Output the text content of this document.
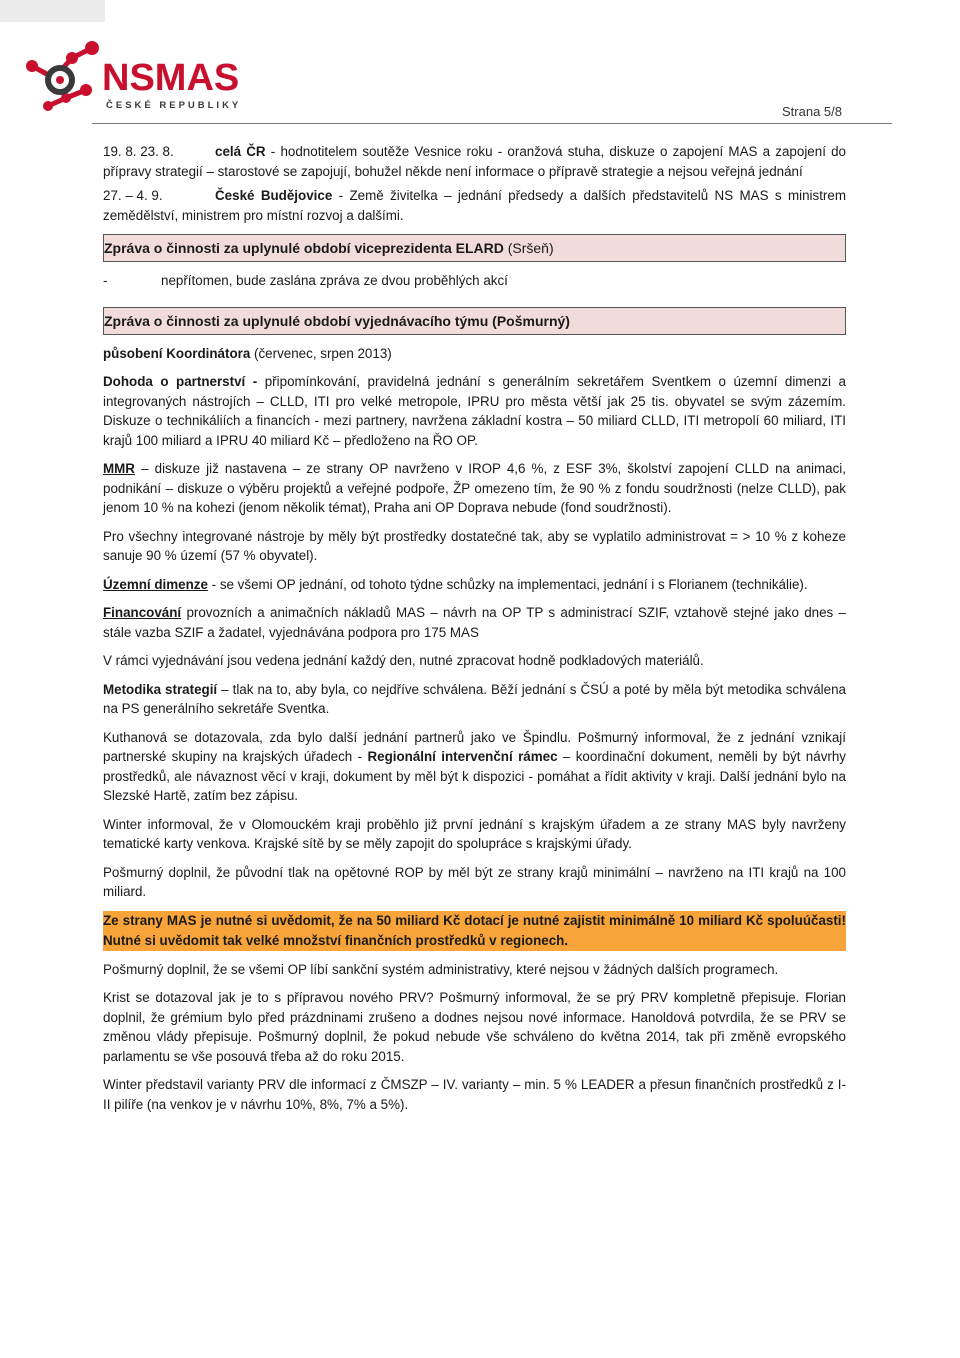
NSMAS
ČESKÉ REPUBLIKY	Strana 5/8

19. 8. 23. 8.	celá ČR - hodnotitelem soutěže Vesnice roku - oranžová stuha, diskuze o zapojení MAS a zapojení do přípravy strategií – starostové se zapojují, bohužel někde není informace o přípravě strategie a nejsou veřejná jednání

27. – 4. 9.	České Budějovice - Země živitelka – jednání předsedy a dalších představitelů NS MAS s ministrem zemědělství, ministrem pro místní rozvoj a dalšími.

Zpráva o činnosti za uplynulé období viceprezidenta ELARD (Sršeň)
-	nepřítomen, bude zaslána zpráva ze dvou proběhlých akcí
Zpráva o činnosti za uplynulé období vyjednávacího týmu (Pošmurný)

působení Koordinátora (červenec, srpen 2013)

Dohoda o partnerství - připomínkování, pravidelná jednání s generálním sekretářem Sventkem o územní dimenzi a integrovaných nástrojích – CLLD, ITI pro velké metropole, IPRU pro města větší jak 25 tis. obyvatel se svým zázemím. Diskuze o technikáliích a financích - mezi partnery, navržena základní kostra – 50 miliard CLLD, ITI metropolí 60 miliard, ITI krajů 100 miliard a IPRU 40 miliard Kč – předloženo na ŘO OP.

MMR – diskuze již nastavena – ze strany OP navrženo v IROP 4,6 %, z ESF 3%, školství zapojení CLLD na animaci, podnikání – diskuze o výběru projektů a veřejné podpoře, ŽP omezeno tím, že 90 % z fondu soudržnosti (nelze CLLD), pak jenom 10 % na kohezi (jenom několik témat), Praha ani OP Doprava nebude (fond soudržnosti).

Pro všechny integrované nástroje by měly být prostředky dostatečné tak, aby se vyplatilo administrovat = > 10 % z koheze sanuje 90 % území (57 % obyvatel).

Územní dimenze - se všemi OP jednání, od tohoto týdne schůzky na implementaci, jednání i s Florianem (technikálie).

Financování provozních a animačních nákladů MAS – návrh na OP TP s administrací SZIF, vztahově stejné jako dnes – stále vazba SZIF a žadatel, vyjednávána podpora pro 175 MAS

V rámci vyjednávání jsou vedena jednání každý den, nutné zpracovat hodně podkladových materiálů.

Metodika strategií – tlak na to, aby byla, co nejdříve schválena. Běží jednání s ČSÚ a poté by měla být metodika schválena na PS generálního sekretáře Sventka.

Kuthanová se dotazovala, zda bylo další jednání partnerů jako ve Špindlu. Pošmurný informoval, že z jednání vznikají partnerské skupiny na krajských úřadech - Regionální intervenční rámec – koordinační dokument, neměli by být návrhy prostředků, ale návaznost věcí v kraji, dokument by měl být k dispozici - pomáhat a řídit aktivity v kraji. Další jednání bylo na Slezské Hartě, zatím bez zápisu.

Winter informoval, že v Olomouckém kraji proběhlo již první jednání s krajským úřadem a ze strany MAS byly navrženy tematické karty venkova. Krajské sítě by se měly zapojit do spolupráce s krajskými úřady.

Pošmurný doplnil, že původní tlak na opětovné ROP by měl být ze strany krajů minimální – navrženo na ITI krajů na 100 miliard.

Ze strany MAS je nutné si uvědomit, že na 50 miliard Kč dotací je nutné zajistit minimálně 10 miliard Kč spoluúčasti! Nutné si uvědomit tak velké množství finančních prostředků v regionech.

Pošmurný doplnil, že se všemi OP líbí sankční systém administrativy, které nejsou v žádných dalších programech.

Krist se dotazoval jak je to s přípravou nového PRV? Pošmurný informoval, že se prý PRV kompletně přepisuje. Florian doplnil, že grémium bylo před prázdninami zrušeno a dodnes nejsou nové informace. Hanoldová potvrdila, že se PRV se změnou vlády přepisuje. Pošmurný doplnil, že pokud nebude vše schváleno do května 2014, tak při změně evropského parlamentu se vše posouvá třeba až do roku 2015.

Winter představil varianty PRV dle informací z ČMSZP – IV. varianty – min. 5 % LEADER a přesun finančních prostředků z I-II pilíře (na venkov je v návrhu 10%, 8%, 7% a 5%).
